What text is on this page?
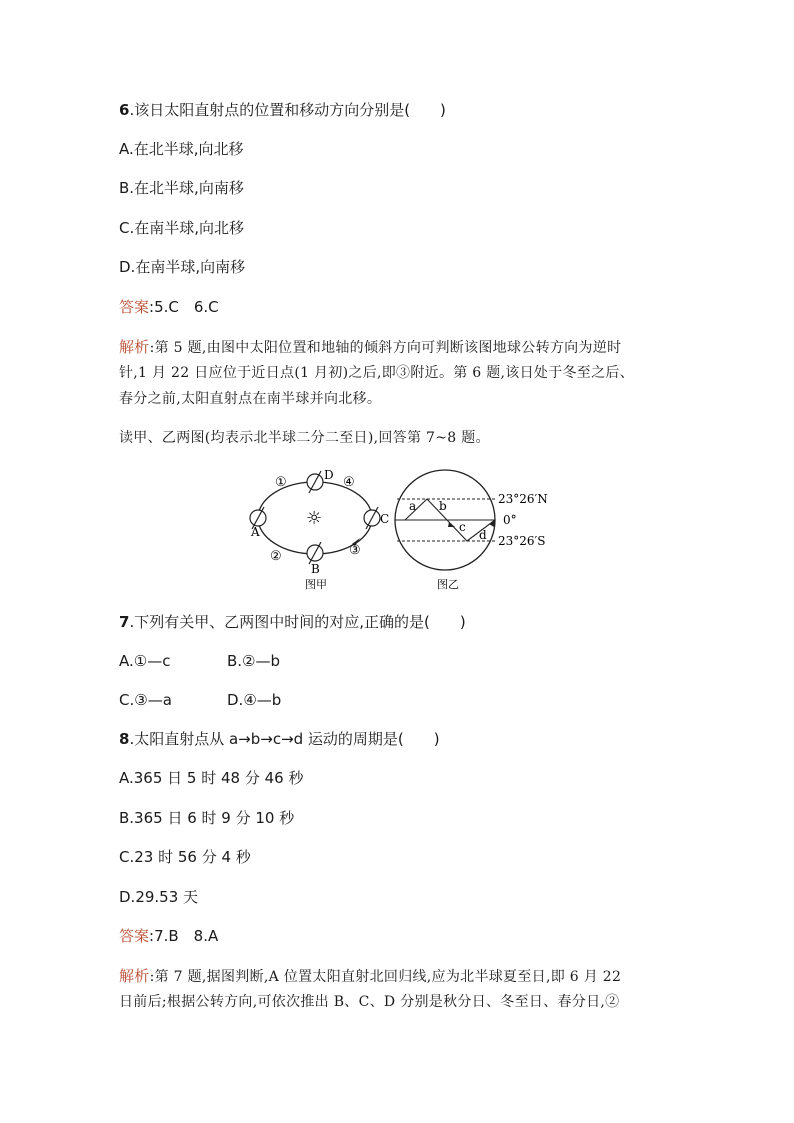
6.该日太阳直射点的位置和移动方向分别是(　　)
A.在北半球,向北移
B.在北半球,向南移
C.在南半球,向北移
D.在南半球,向南移
答案:5.C　6.C
解析:第 5 题,由图中太阳位置和地轴的倾斜方向可判断该图地球公转方向为逆时
针,1 月 22 日应位于近日点(1 月初)之后,即③附近。第 6 题,该日处于冬至之后、
春分之前,太阳直射点在南半球并向北移。
读甲、乙两图(均表示北半球二分二至日),回答第 7~8 题。
☼
①
②	③
④
A
B
C
D
图甲
a b
c
d
23°26′N
0°
23°26′S
图乙
7.下列有关甲、乙两图中时间的对应,正确的是(　　)
A.①—c	B.②—b
C.③—a	D.④—b
8.太阳直射点从 a→b→c→d 运动的周期是(　　)
A.365 日 5 时 48 分 46 秒
B.365 日 6 时 9 分 10 秒
C.23 时 56 分 4 秒
D.29.53 天
答案:7.B　8.A
解析:第 7 题,据图判断,A 位置太阳直射北回归线,应为北半球夏至日,即 6 月 22
日前后;根据公转方向,可依次推出 B、C、D 分别是秋分日、冬至日、春分日,②
